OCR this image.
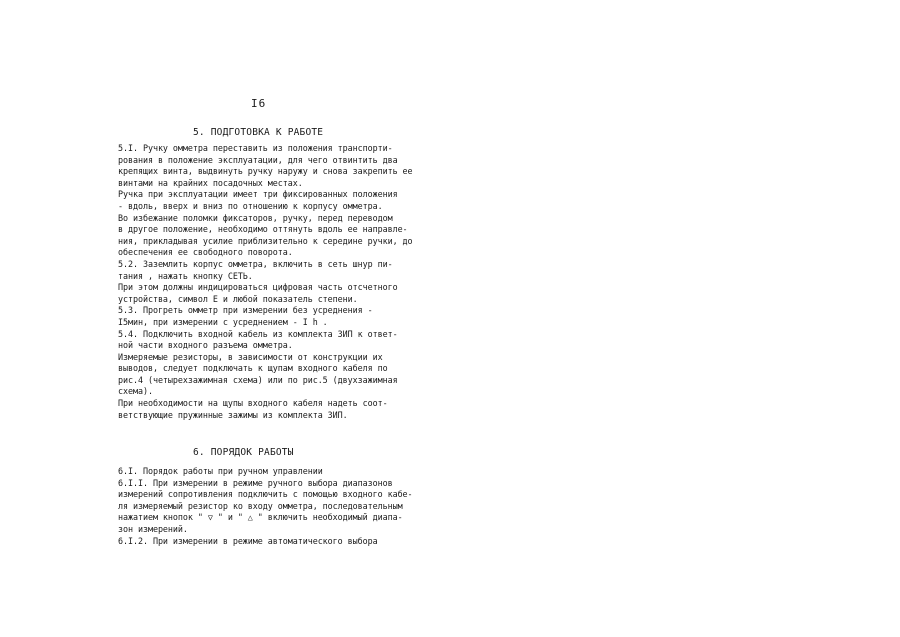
I6
5. ПОДГОТОВКА К РАБОТЕ
5.I. Ручку омметра переставить из положения транспорти-
рования в положение эксплуатации, для чего отвинтить два
крепящих винта, выдвинуть ручку наружу и снова закрепить ее
винтами на крайних посадочных местах.
Ручка при эксплуатации имеет три фиксированных положения
- вдоль, вверх и вниз по отношению к корпусу омметра.
Во избежание поломки фиксаторов, ручку, перед переводом
в другое положение, необходимо оттянуть вдоль ее направле-
ния, прикладывая усилие приблизительно к середине ручки, до
обеспечения ее свободного поворота.
5.2. Заземлить корпус омметра, включить в сеть шнур пи-
тания , нажать кнопку СЕТЬ.
При этом должны индицироваться цифровая часть отсчетного
устройства, символ Е и любой показатель степени.
5.3. Прогреть омметр при измерении без усреднения -
I5мин, при измерении с усреднением - I h .
5.4. Подключить входной кабель из комплекта ЗИП к ответ-
ной части входного разъема омметра.
Измеряемые резисторы, в зависимости от конструкции их
выводов, следует подключать к щупам входного кабеля по
рис.4 (четырехзажимная схема) или по рис.5 (двухзажимная
схема).
При необходимости на щупы входного кабеля надеть соот-
ветствующие пружинные зажимы из комплекта ЗИП.
6. ПОРЯДОК РАБОТЫ
6.I. Порядок работы при ручном управлении
6.I.I. При измерении в режиме ручного выбора диапазонов
измерений сопротивления подключить с помощью входного кабе-
ля измеряемый резистор ко входу омметра, последовательным
нажатием кнопок " ▽ " и " △ " включить необходимый диапа-
зон измерений.
6.I.2. При измерении в режиме автоматического выбора
